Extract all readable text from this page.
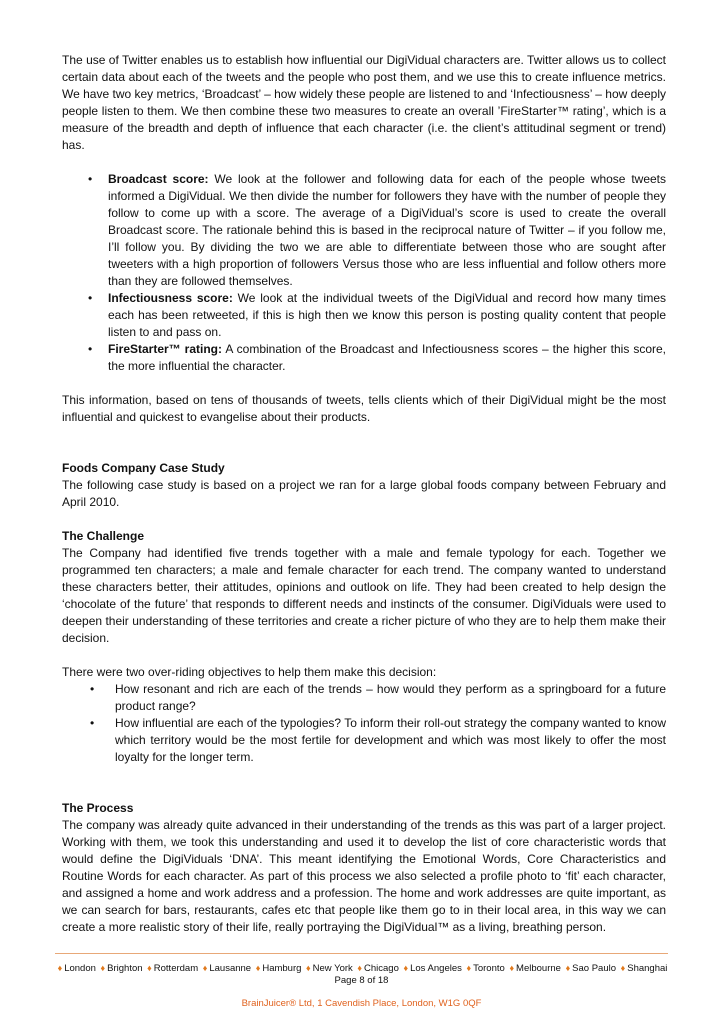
The use of Twitter enables us to establish how influential our DigiVidual characters are. Twitter allows us to collect certain data about each of the tweets and the people who post them, and we use this to create influence metrics. We have two key metrics, ‘Broadcast’ – how widely these people are listened to and ‘Infectiousness’ – how deeply people listen to them. We then combine these two measures to create an overall ’FireStarter™ rating’, which is a measure of the breadth and depth of influence that each character (i.e. the client’s attitudinal segment or trend) has.

• Broadcast score: We look at the follower and following data for each of the people whose tweets informed a DigiVidual. We then divide the number for followers they have with the number of people they follow to come up with a score. The average of a DigiVidual’s score is used to create the overall Broadcast score. The rationale behind this is based in the reciprocal nature of Twitter – if you follow me, I’ll follow you. By dividing the two we are able to differentiate between those who are sought after tweeters with a high proportion of followers Versus those who are less influential and follow others more than they are followed themselves.
• Infectiousness score: We look at the individual tweets of the DigiVidual and record how many times each has been retweeted, if this is high then we know this person is posting quality content that people listen to and pass on.
• FireStarter™ rating: A combination of the Broadcast and Infectiousness scores – the higher this score, the more influential the character.

This information, based on tens of thousands of tweets, tells clients which of their DigiVidual might be the most influential and quickest to evangelise about their products.

Foods Company Case Study

The following case study is based on a project we ran for a large global foods company between February and April 2010.

The Challenge

The Company had identified five trends together with a male and female typology for each. Together we programmed ten characters; a male and female character for each trend. The company wanted to understand these characters better, their attitudes, opinions and outlook on life. They had been created to help design the ‘chocolate of the future’ that responds to different needs and instincts of the consumer. DigiViduals were used to deepen their understanding of these territories and create a richer picture of who they are to help them make their decision.

There were two over-riding objectives to help them make this decision:

• How resonant and rich are each of the trends – how would they perform as a springboard for a future product range?
• How influential are each of the typologies? To inform their roll-out strategy the company wanted to know which territory would be the most fertile for development and which was most likely to offer the most loyalty for the longer term.
The Process

The company was already quite advanced in their understanding of the trends as this was part of a larger project. Working with them, we took this understanding and used it to develop the list of core characteristic words that would define the DigiViduals ‘DNA’. This meant identifying the Emotional Words, Core Characteristics and Routine Words for each character. As part of this process we also selected a profile photo to ‘fit’ each character, and assigned a home and work address and a profession. The home and work addresses are quite important, as we can search for bars, restaurants, cafes etc that people like them go to in their local area, in this way we can create a more realistic story of their life, really portraying the DigiVidual™ as a living, breathing person.

♦ London ♦ Brighton ♦ Rotterdam ♦ Lausanne ♦ Hamburg ♦ New York ♦ Chicago ♦ Los Angeles ♦ Toronto ♦ Melbourne ♦ Sao Paulo ♦ Shanghai
Page 8 of 18
BrainJuicer® Ltd, 1 Cavendish Place, London, W1G 0QF
